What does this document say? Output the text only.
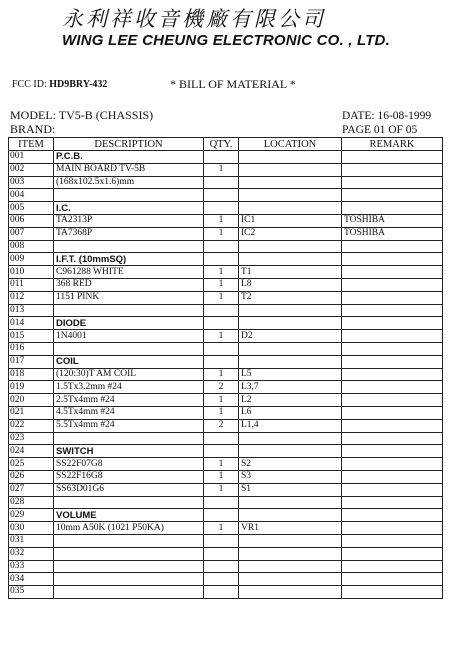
永利祥收音機廠有限公司
WING LEE CHEUNG ELECTRONIC CO. , LTD.
FCC ID: HD9BRY-432	* BILL OF MATERIAL *
MODEL: TV5-B (CHASSIS)
BRAND:
DATE: 16-08-1999
PAGE 01 OF 05
ITEM	DESCRIPTION	QTY.	LOCATION	REMARK
001	P.C.B.			
002	MAIN BOARD TV-5B	1		
003	(168x102.5x1.6)mm			
004				
005	I.C.			
006	TA2313P	1	IC1	TOSHIBA
007	TA7368P	1	IC2	TOSHIBA
008				
009	I.F.T. (10mmSQ)			
010	C961288 WHITE	1	T1	
011	368 RED	1	L8	
012	1151 PINK	1	T2	
013				
014	DIODE			
015	1N4001	1	D2	
016				
017	COIL			
018	(120:30)T AM COIL	1	L5	
019	1.5Tx3.2mm #24	2	L3,7	
020	2.5Tx4mm #24	1	L2	
021	4.5Tx4mm #24	1	L6	
022	5.5Tx4mm #24	2	L1,4	
023				
024	SWITCH			
025	SS22F07G8	1	S2	
026	SS22F16G8	1	S3	
027	SS63D01G6	1	S1	
028				
029	VOLUME			
030	10mm A50K (1021 P50KA)	1	VR1	
031				
032				
033				
034				
035				
